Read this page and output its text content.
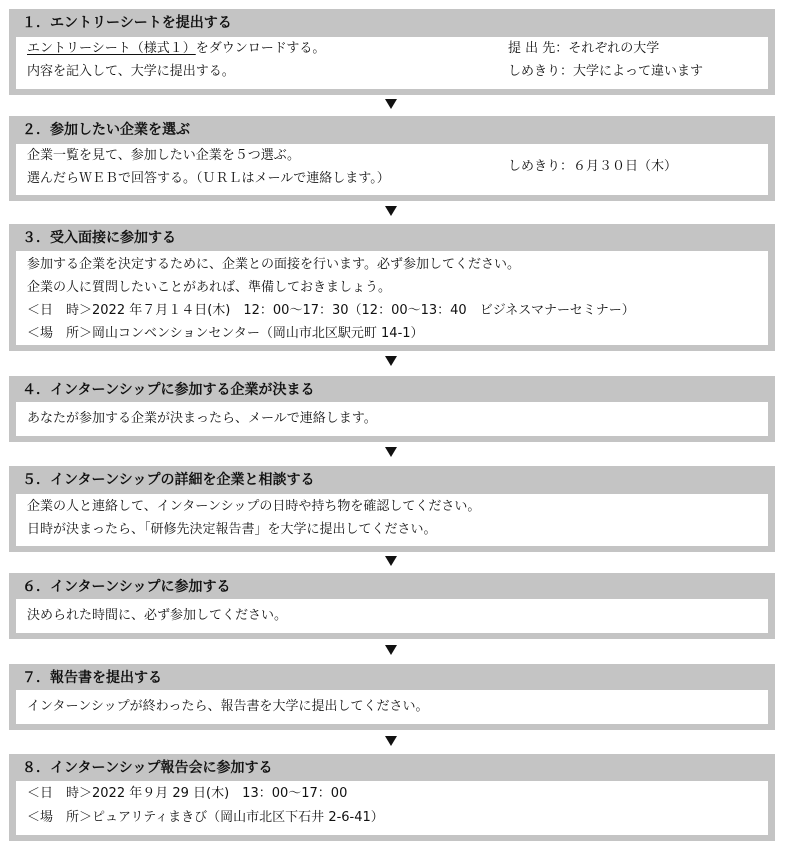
１．エントリーシートを提出する
エントリーシート（様式１）をダウンロードする。
内容を記入して、大学に提出する。
提 出 先：それぞれの大学
しめきり：大学によって違います
２．参加したい企業を選ぶ
企業一覧を見て、参加したい企業を５つ選ぶ。
選んだらＷＥＢで回答する。（ＵＲＬはメールで連絡します。）
しめきり：６月３０日（木）
３．受入面接に参加する
参加する企業を決定するために、企業との面接を行います。必ず参加してください。
企業の人に質問したいことがあれば、準備しておきましょう。
＜日　時＞2022 年７月１４日(木)　12：00～17：30（12：00～13：40　ビジネスマナーセミナー）
＜場　所＞岡山コンベンションセンター（岡山市北区駅元町 14-1）
４．インターンシップに参加する企業が決まる
あなたが参加する企業が決まったら、メールで連絡します。
５．インターンシップの詳細を企業と相談する
企業の人と連絡して、インターンシップの日時や持ち物を確認してください。
日時が決まったら、「研修先決定報告書」を大学に提出してください。
６．インターンシップに参加する
決められた時間に、必ず参加してください。
７．報告書を提出する
インターンシップが終わったら、報告書を大学に提出してください。
８．インターンシップ報告会に参加する
＜日　時＞2022 年９月 29 日(木)　13：00～17：00
＜場　所＞ピュアリティまきび（岡山市北区下石井 2-6-41）
